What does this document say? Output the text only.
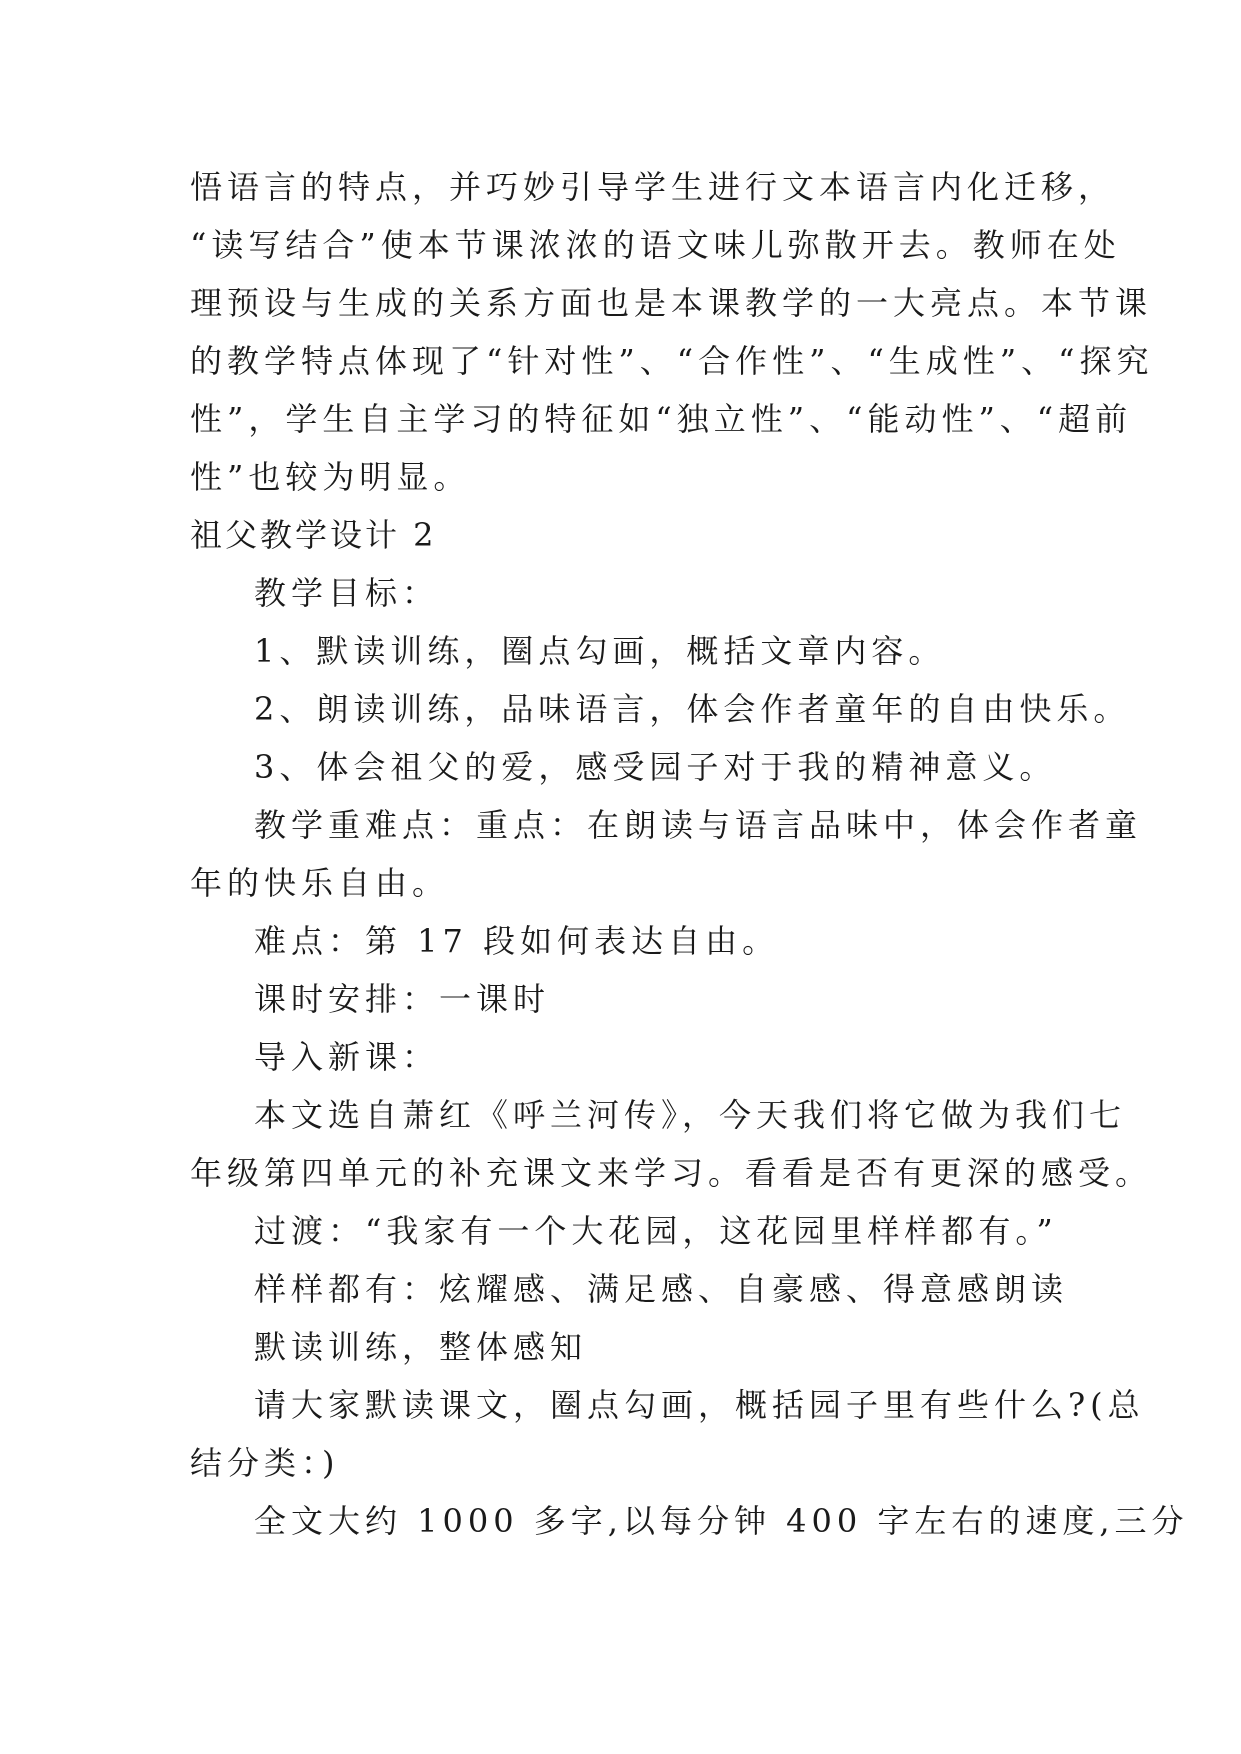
悟语言的特点，并巧妙引导学生进行文本语言内化迁移，
“读写结合”使本节课浓浓的语文味儿弥散开去。教师在处
理预设与生成的关系方面也是本课教学的一大亮点。本节课
的教学特点体现了“针对性”、“合作性”、“生成性”、“探究
性”，学生自主学习的特征如“独立性”、“能动性”、“超前
性”也较为明显。
祖父教学设计 2
教学目标：
1、默读训练，圈点勾画，概括文章内容。
2、朗读训练，品味语言，体会作者童年的自由快乐。
3、体会祖父的爱，感受园子对于我的精神意义。
教学重难点：重点：在朗读与语言品味中，体会作者童
年的快乐自由。
难点：第 17 段如何表达自由。
课时安排：一课时
导入新课：
本文选自萧红《呼兰河传》，今天我们将它做为我们七
年级第四单元的补充课文来学习。看看是否有更深的感受。
过渡：“我家有一个大花园，这花园里样样都有。”
样样都有：炫耀感、满足感、自豪感、得意感朗读
默读训练，整体感知
请大家默读课文，圈点勾画，概括园子里有些什么?(总
结分类：)
全文大约 1000 多字,以每分钟 400 字左右的速度,三分
